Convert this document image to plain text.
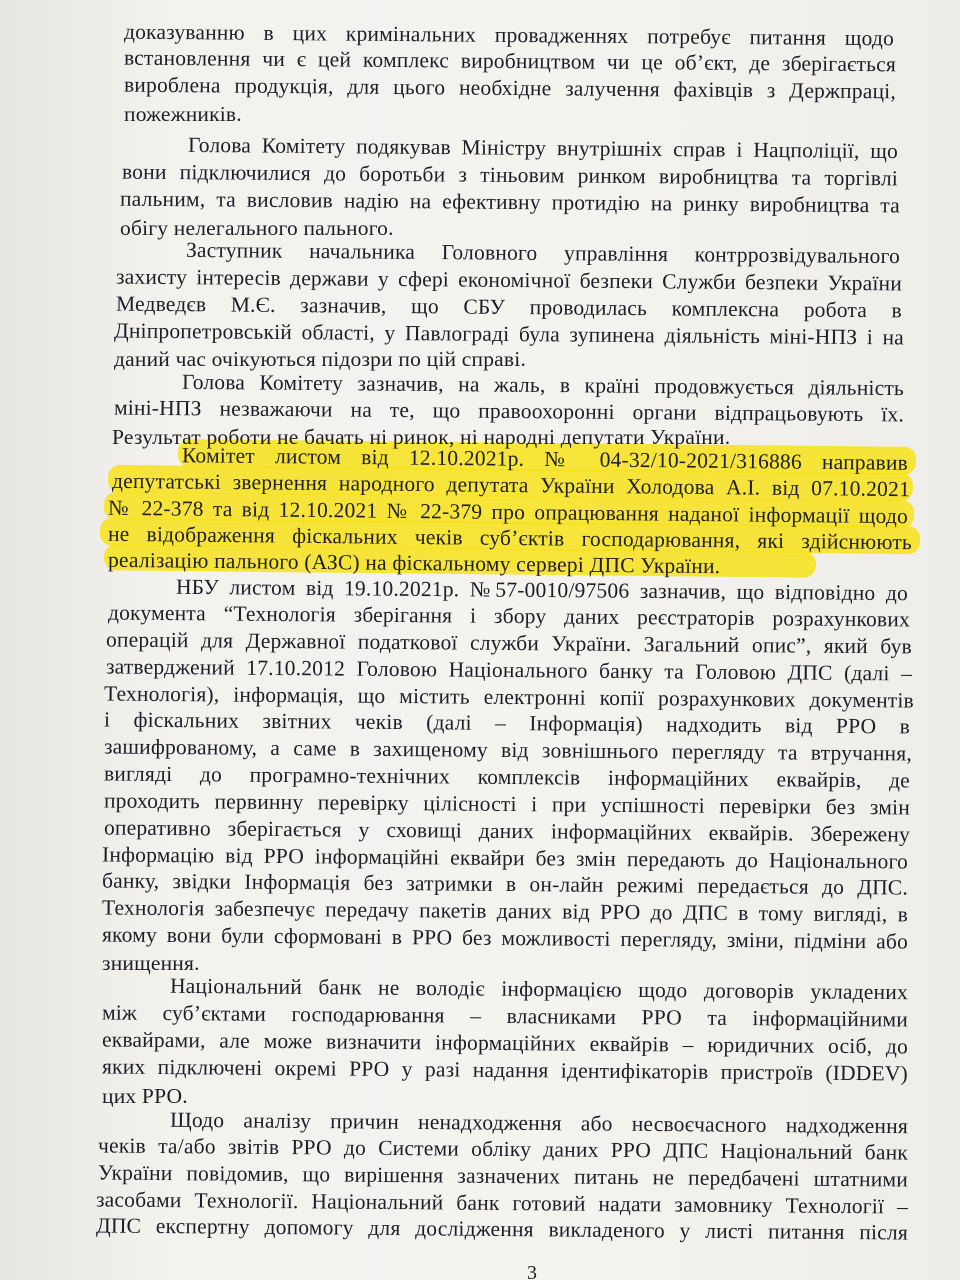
доказуванню в цих кримінальних провадженнях потребує питання щодо
встановлення чи є цей комплекс виробництвом чи це об’єкт, де зберігається
вироблена продукція, для цього необхідне залучення фахівців з Держпраці,
пожежників.
Голова Комітету подякував Міністру внутрішніх справ і Нацполіції, що
вони підключилися до боротьби з тіньовим ринком виробництва та торгівлі
пальним, та висловив надію на ефективну протидію на ринку виробництва та
обігу нелегального пального.
Заступник начальника Головного управління контррозвідувального
захисту інтересів держави у сфері економічної безпеки Служби безпеки України
Медведєв М.Є. зазначив, що СБУ проводилась комплексна робота в
Дніпропетровській області, у Павлограді була зупинена діяльність міні-НПЗ і на
даний час очікуються підозри по цій справі.
Голова Комітету зазначив, на жаль, в країні продовжується діяльність
міні-НПЗ незважаючи на те, що правоохоронні органи відпрацьовують їх.
Результат роботи не бачать ні ринок, ні народні депутати України.
Комітет листом від 12.10.2021р. № 04-32/10-2021/316886 направив
депутатські звернення народного депутата України Холодова А.І. від 07.10.2021
№ 22-378 та від 12.10.2021 № 22-379 про опрацювання наданої інформації щодо
не відображення фіскальних чеків суб’єктів господарювання, які здійснюють
реалізацію пального (АЗС) на фіскальному сервері ДПС України.
НБУ листом від 19.10.2021р. №57-0010/97506 зазначив, що відповідно до
документа “Технологія зберігання і збору даних реєстраторів розрахункових
операцій для Державної податкової служби України. Загальний опис”, який був
затверджений 17.10.2012 Головою Національного банку та Головою ДПС (далі –
Технологія), інформація, що містить електронні копії розрахункових документів
і фіскальних звітних чеків (далі – Інформація) надходить від РРО в
зашифрованому, а саме в захищеному від зовнішнього перегляду та втручання,
вигляді до програмно-технічних комплексів інформаційних еквайрів, де
проходить первинну перевірку цілісності і при успішності перевірки без змін
оперативно зберігається у сховищі даних інформаційних еквайрів. Збережену
Інформацію від РРО інформаційні еквайри без змін передають до Національного
банку, звідки Інформація без затримки в он-лайн режимі передається до ДПС.
Технологія забезпечує передачу пакетів даних від РРО до ДПС в тому вигляді, в
якому вони були сформовані в РРО без можливості перегляду, зміни, підміни або
знищення.
Національний банк не володіє інформацією щодо договорів укладених
між суб’єктами господарювання – власниками РРО та інформаційними
еквайрами, але може визначити інформаційних еквайрів – юридичних осіб, до
яких підключені окремі РРО у разі надання ідентифікаторів пристроїв (IDDEV)
цих РРО.
Щодо аналізу причин ненадходження або несвоєчасного надходження
чеків та/або звітів РРО до Системи обліку даних РРО ДПС Національний банк
України повідомив, що вирішення зазначених питань не передбачені штатними
засобами Технології. Національний банк готовий надати замовнику Технології –
ДПС експертну допомогу для дослідження викладеного у листі питання після
3
